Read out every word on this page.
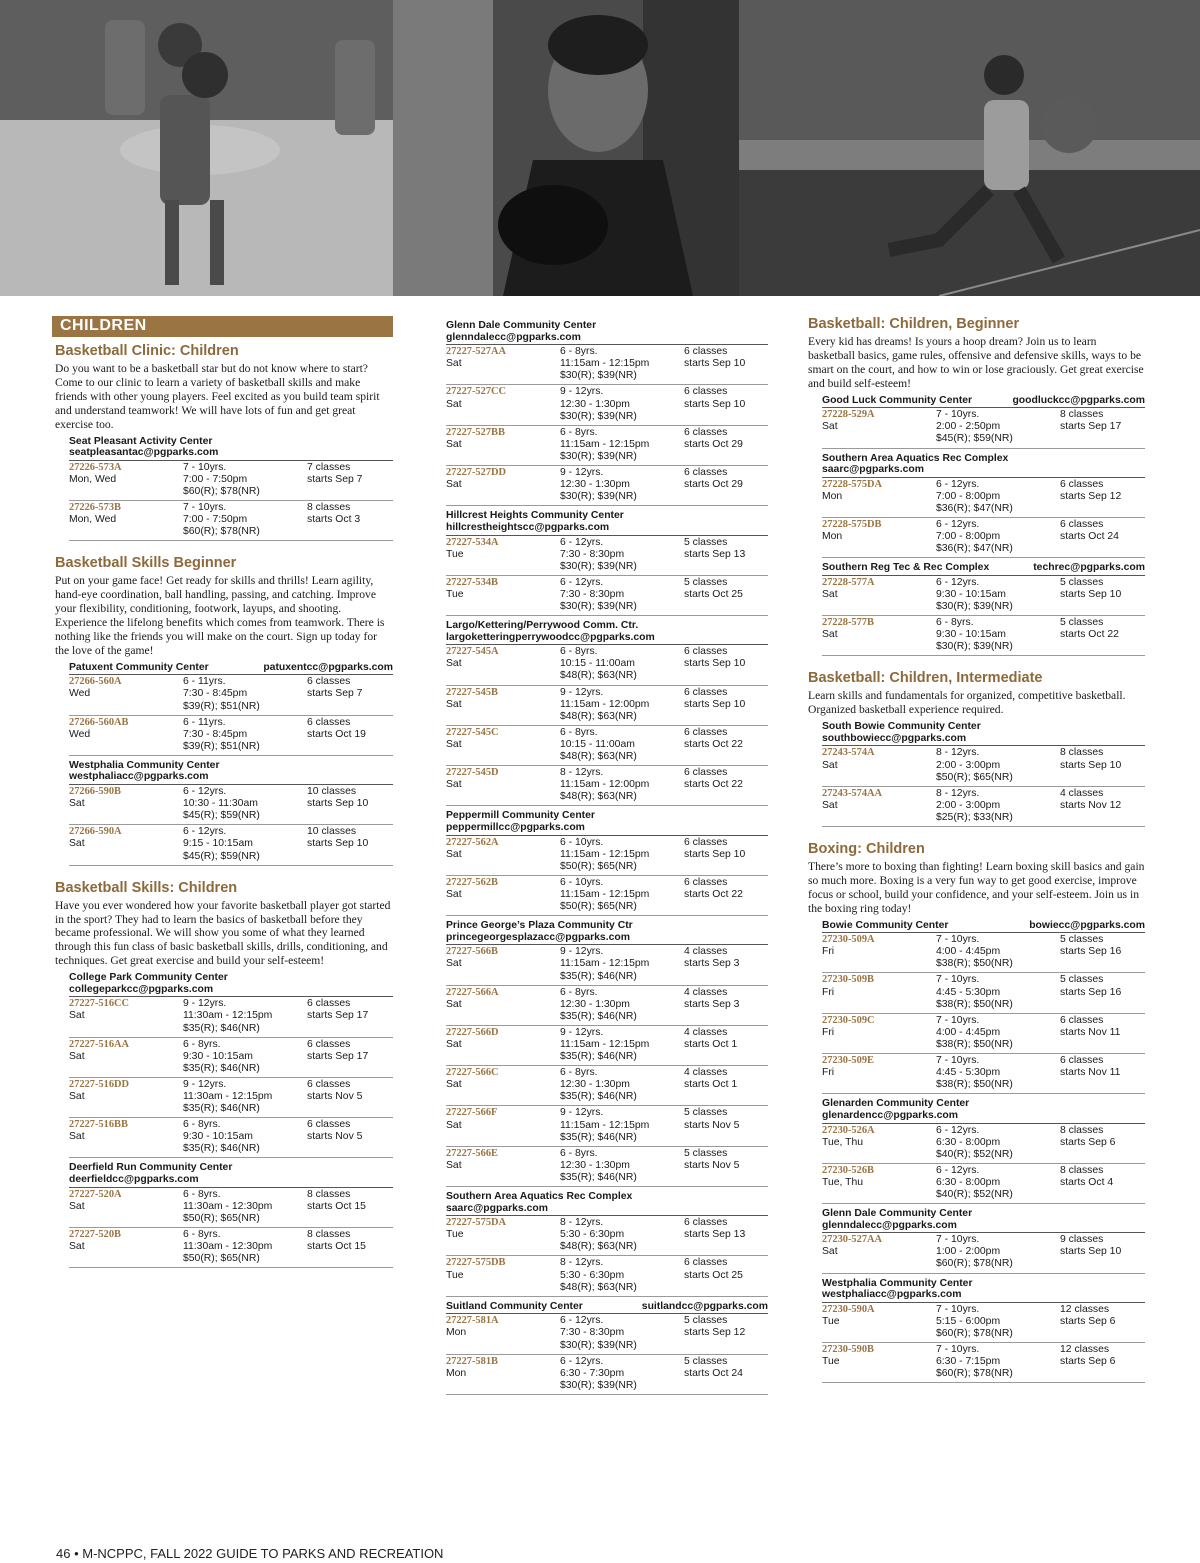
CHILDREN
Basketball Clinic: Children
Do you want to be a basketball star but do not know where to start? Come to our clinic to learn a variety of basketball skills and make friends with other young players. Feel excited as you build team spirit and understand teamwork! We will have lots of fun and get great exercise too.
Seat Pleasant Activity Center
seatpleasantac@pgparks.com
27226-573A	7 - 10yrs.	7 classes
Mon, Wed	7:00 - 7:50pm	starts Sep 7
$60(R); $78(NR)
27226-573B	7 - 10yrs.	8 classes
Mon, Wed	7:00 - 7:50pm	starts Oct 3
$60(R); $78(NR)
Basketball Skills Beginner
Put on your game face! Get ready for skills and thrills! Learn agility, hand-eye coordination, ball handling, passing, and catching. Improve your flexibility, conditioning, footwork, layups, and shooting. Experience the lifelong benefits which comes from teamwork. There is nothing like the friends you will make on the court. Sign up today for the love of the game!
Patuxent Community Center	patuxentcc@pgparks.com
27266-560A	6 - 11yrs.	6 classes
Wed	7:30 - 8:45pm	starts Sep 7
$39(R); $51(NR)
27266-560AB	6 - 11yrs.	6 classes
Wed	7:30 - 8:45pm	starts Oct 19
$39(R); $51(NR)
Westphalia Community Center
westphaliacc@pgparks.com
27266-590B	6 - 12yrs.	10 classes
Sat	10:30 - 11:30am	starts Sep 10
$45(R); $59(NR)
27266-590A	6 - 12yrs.	10 classes
Sat	9:15 - 10:15am	starts Sep 10
$45(R); $59(NR)
Basketball Skills: Children
Have you ever wondered how your favorite basketball player got started in the sport? They had to learn the basics of basketball before they became professional. We will show you some of what they learned through this fun class of basic basketball skills, drills, conditioning, and techniques. Get great exercise and build your self-esteem!
College Park Community Center
collegeparkcc@pgparks.com
27227-516CC	9 - 12yrs.	6 classes
Sat	11:30am - 12:15pm	starts Sep 17
$35(R); $46(NR)
27227-516AA	6 - 8yrs.	6 classes
Sat	9:30 - 10:15am	starts Sep 17
$35(R); $46(NR)
27227-516DD	9 - 12yrs.	6 classes
Sat	11:30am - 12:15pm	starts Nov 5
$35(R); $46(NR)
27227-516BB	6 - 8yrs.	6 classes
Sat	9:30 - 10:15am	starts Nov 5
$35(R); $46(NR)
Deerfield Run Community Center
deerfieldcc@pgparks.com
27227-520A	6 - 8yrs.	8 classes
Sat	11:30am - 12:30pm	starts Oct 15
$50(R); $65(NR)
27227-520B	6 - 8yrs.	8 classes
Sat	11:30am - 12:30pm	starts Oct 15
$50(R); $65(NR)
Glenn Dale Community Center
glenndalecc@pgparks.com
27227-527AA	6 - 8yrs.	6 classes
Sat	11:15am - 12:15pm	starts Sep 10
$30(R); $39(NR)
27227-527CC	9 - 12yrs.	6 classes
Sat	12:30 - 1:30pm	starts Sep 10
$30(R); $39(NR)
27227-527BB	6 - 8yrs.	6 classes
Sat	11:15am - 12:15pm	starts Oct 29
$30(R); $39(NR)
27227-527DD	9 - 12yrs.	6 classes
Sat	12:30 - 1:30pm	starts Oct 29
$30(R); $39(NR)
Hillcrest Heights Community Center
hillcrestheightscc@pgparks.com
27227-534A	6 - 12yrs.	5 classes
Tue	7:30 - 8:30pm	starts Sep 13
$30(R); $39(NR)
27227-534B	6 - 12yrs.	5 classes
Tue	7:30 - 8:30pm	starts Oct 25
$30(R); $39(NR)
Largo/Kettering/Perrywood Comm. Ctr.
largoketteringperrywoodcc@pgparks.com
27227-545A	6 - 8yrs.	6 classes
Sat	10:15 - 11:00am	starts Sep 10
$48(R); $63(NR)
27227-545B	9 - 12yrs.	6 classes
Sat	11:15am - 12:00pm	starts Sep 10
$48(R); $63(NR)
27227-545C	6 - 8yrs.	6 classes
Sat	10:15 - 11:00am	starts Oct 22
$48(R); $63(NR)
27227-545D	8 - 12yrs.	6 classes
Sat	11:15am - 12:00pm	starts Oct 22
$48(R); $63(NR)
Peppermill Community Center
peppermillcc@pgparks.com
27227-562A	6 - 10yrs.	6 classes
Sat	11:15am - 12:15pm	starts Sep 10
$50(R); $65(NR)
27227-562B	6 - 10yrs.	6 classes
Sat	11:15am - 12:15pm	starts Oct 22
$50(R); $65(NR)
Prince George’s Plaza Community Ctr
princegeorgesplazacc@pgparks.com
27227-566B	9 - 12yrs.	4 classes
Sat	11:15am - 12:15pm	starts Sep 3
$35(R); $46(NR)
27227-566A	6 - 8yrs.	4 classes
Sat	12:30 - 1:30pm	starts Sep 3
$35(R); $46(NR)
27227-566D	9 - 12yrs.	4 classes
Sat	11:15am - 12:15pm	starts Oct 1
$35(R); $46(NR)
27227-566C	6 - 8yrs.	4 classes
Sat	12:30 - 1:30pm	starts Oct 1
$35(R); $46(NR)
27227-566F	9 - 12yrs.	5 classes
Sat	11:15am - 12:15pm	starts Nov 5
$35(R); $46(NR)
27227-566E	6 - 8yrs.	5 classes
Sat	12:30 - 1:30pm	starts Nov 5
$35(R); $46(NR)
Southern Area Aquatics Rec Complex
saarc@pgparks.com
27227-575DA	8 - 12yrs.	6 classes
Tue	5:30 - 6:30pm	starts Sep 13
$48(R); $63(NR)
27227-575DB	8 - 12yrs.	6 classes
Tue	5:30 - 6:30pm	starts Oct 25
$48(R); $63(NR)
Suitland Community Center	suitlandcc@pgparks.com
27227-581A	6 - 12yrs.	5 classes
Mon	7:30 - 8:30pm	starts Sep 12
$30(R); $39(NR)
27227-581B	6 - 12yrs.	5 classes
Mon	6:30 - 7:30pm	starts Oct 24
$30(R); $39(NR)
Basketball: Children, Beginner
Every kid has dreams! Is yours a hoop dream? Join us to learn basketball basics, game rules, offensive and defensive skills, ways to be smart on the court, and how to win or lose graciously. Get great exercise and build self-esteem!
Good Luck Community Center	goodluckcc@pgparks.com
27228-529A	7 - 10yrs.	8 classes
Sat	2:00 - 2:50pm	starts Sep 17
$45(R); $59(NR)
Southern Area Aquatics Rec Complex
saarc@pgparks.com
27228-575DA	6 - 12yrs.	6 classes
Mon	7:00 - 8:00pm	starts Sep 12
$36(R); $47(NR)
27228-575DB	6 - 12yrs.	6 classes
Mon	7:00 - 8:00pm	starts Oct 24
$36(R); $47(NR)
Southern Reg Tec & Rec Complex	techrec@pgparks.com
27228-577A	6 - 12yrs.	5 classes
Sat	9:30 - 10:15am	starts Sep 10
$30(R); $39(NR)
27228-577B	6 - 8yrs.	5 classes
Sat	9:30 - 10:15am	starts Oct 22
$30(R); $39(NR)
Basketball: Children, Intermediate
Learn skills and fundamentals for organized, competitive basketball. Organized basketball experience required.
South Bowie Community Center
southbowiecc@pgparks.com
27243-574A	8 - 12yrs.	8 classes
Sat	2:00 - 3:00pm	starts Sep 10
$50(R); $65(NR)
27243-574AA	8 - 12yrs.	4 classes
Sat	2:00 - 3:00pm	starts Nov 12
$25(R); $33(NR)
Boxing: Children
There’s more to boxing than fighting! Learn boxing skill basics and gain so much more. Boxing is a very fun way to get good exercise, improve focus or school, build your confidence, and your self-esteem. Join us in the boxing ring today!
Bowie Community Center	bowiecc@pgparks.com
27230-509A	7 - 10yrs.	5 classes
Fri	4:00 - 4:45pm	starts Sep 16
$38(R); $50(NR)
27230-509B	7 - 10yrs.	5 classes
Fri	4:45 - 5:30pm	starts Sep 16
$38(R); $50(NR)
27230-509C	7 - 10yrs.	6 classes
Fri	4:00 - 4:45pm	starts Nov 11
$38(R); $50(NR)
27230-509E	7 - 10yrs.	6 classes
Fri	4:45 - 5:30pm	starts Nov 11
$38(R); $50(NR)
Glenarden Community Center
glenardencc@pgparks.com
27230-526A	6 - 12yrs.	8 classes
Tue, Thu	6:30 - 8:00pm	starts Sep 6
$40(R); $52(NR)
27230-526B	6 - 12yrs.	8 classes
Tue, Thu	6:30 - 8:00pm	starts Oct 4
$40(R); $52(NR)
Glenn Dale Community Center
glenndalecc@pgparks.com
27230-527AA	7 - 10yrs.	9 classes
Sat	1:00 - 2:00pm	starts Sep 10
$60(R); $78(NR)
Westphalia Community Center
westphaliacc@pgparks.com
27230-590A	7 - 10yrs.	12 classes
Tue	5:15 - 6:00pm	starts Sep 6
$60(R); $78(NR)
27230-590B	7 - 10yrs.	12 classes
Tue	6:30 - 7:15pm	starts Sep 6
$60(R); $78(NR)
46 • M-NCPPC, FALL 2022 GUIDE TO PARKS AND RECREATION
